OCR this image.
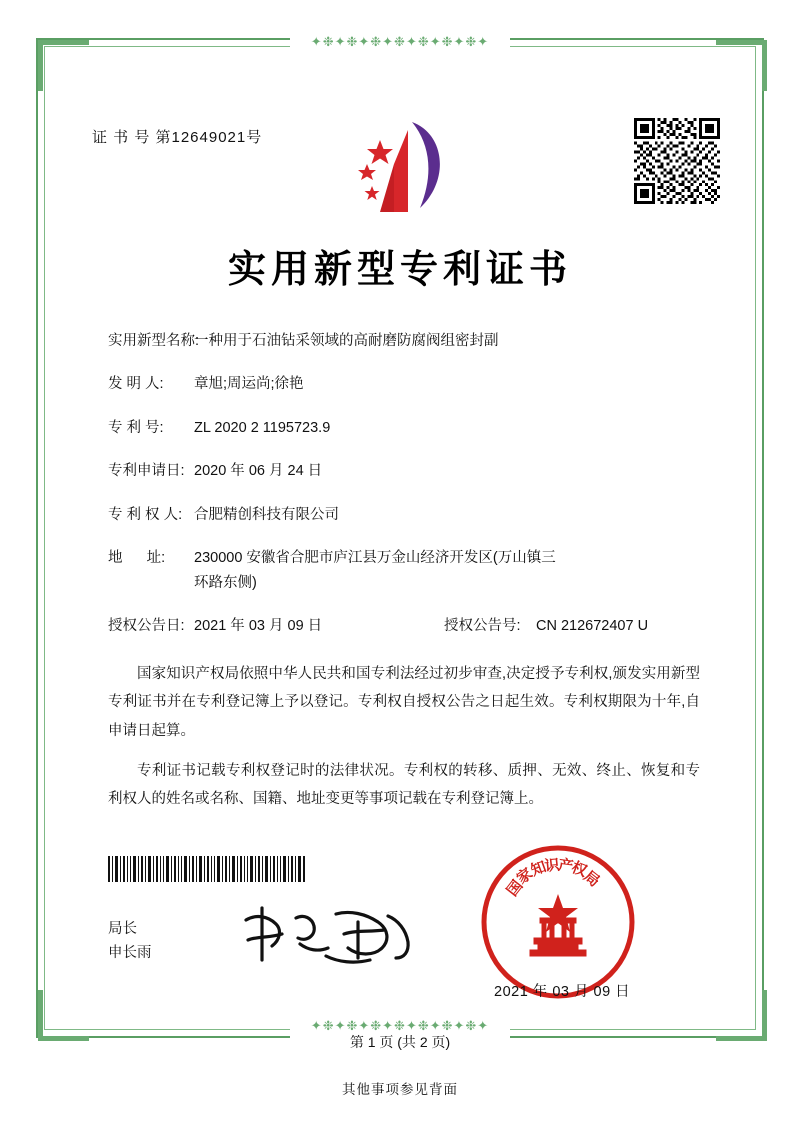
✦❉✦❉✦❉✦❉✦❉✦❉✦❉✦
✦❉✦❉✦❉✦❉✦❉✦❉✦❉✦
证 书 号 第12649021号
实用新型专利证书
实用新型名称:
一种用于石油钻采领域的高耐磨防腐阀组密封副
发 明 人:	章旭;周运尚;徐艳
专 利 号:	ZL 2020 2 1195723.9
专利申请日: 2020 年 06 月 24 日
专 利 权 人: 合肥精创科技有限公司
地      址:	230000 安徽省合肥市庐江县万金山经济开发区(万山镇三
环路东侧)
授权公告日: 2021 年 03 月 09 日	授权公告号:	CN 212672407 U

国家知识产权局依照中华人民共和国专利法经过初步审查,决定授予专利权,颁发实用新型专利证书并在专利登记簿上予以登记。专利权自授权公告之日起生效。专利权期限为十年,自申请日起算。

专利证书记载专利权登记时的法律状况。专利权的转移、质押、无效、终止、恢复和专利权人的姓名或名称、国籍、地址变更等事项记载在专利登记簿上。

局长
申长雨
国
家
知
识
产
权
局
2021 年 03 月 09 日
第 1 页 (共 2 页)
其他事项参见背面
